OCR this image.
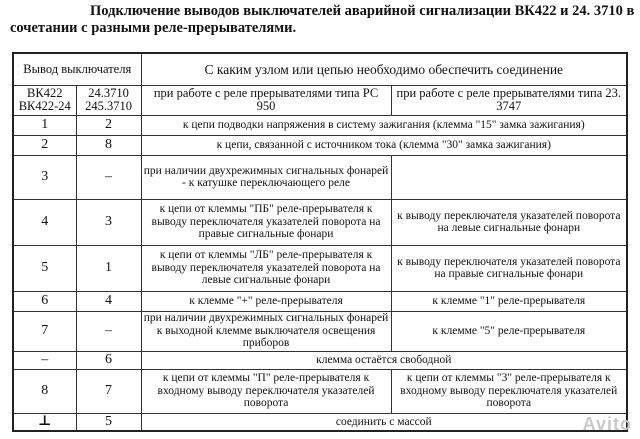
Подключение выводов выключателей аварийной сигнализации ВК422 и 24. 3710 в сочетании с разными реле-прерывателями.
Вывод выключателя		С каким узлом или цепью необходимо обеспечить соединение	
ВК422 ВК422-24	24.3710 245.3710	при работе с реле прерывателями типа РС 950	при работе с реле прерывателями типа 23. 3747
1	2	к цепи подводки напряжения в систему зажигания (клемма "15" замка зажигания)	
2	8	к цепи, связанной с источником тока (клемма "30" замка зажигания)	
3	–	при наличии двухрежимных сигнальных фонарей - к катушке переключающего реле	
4	3	к цепи от клеммы "ПБ" реле-прерывателя к выводу переключателя указателей поворота на правые сигнальные фонари	к выводу переключателя указателей поворота на левые сигнальные фонари
5	1	к цепи от клеммы "ЛБ" реле-прерывателя к выводу переключателя указателей поворота на левые сигнальные фонари	к выводу переключателя указателей поворота на правые сигнальные фонари
6	4	к клемме "+" реле-прерывателя	к клемме "1" реле-прерывателя
7	–	при наличии двухрежимных сигнальных фонарей к выходной клемме выключателя освещения приборов	к клемме "5" реле-прерывателя
–	6	клемма остаётся свободной	
8	7	к цепи от клеммы "П" реле-прерывателя к входному выводу переключателя указателей поворота	к цепи от клеммы "3" реле-прерывателя к входному выводу переключателя указателей поворота
⊥	5	соединить с массой		Avito
